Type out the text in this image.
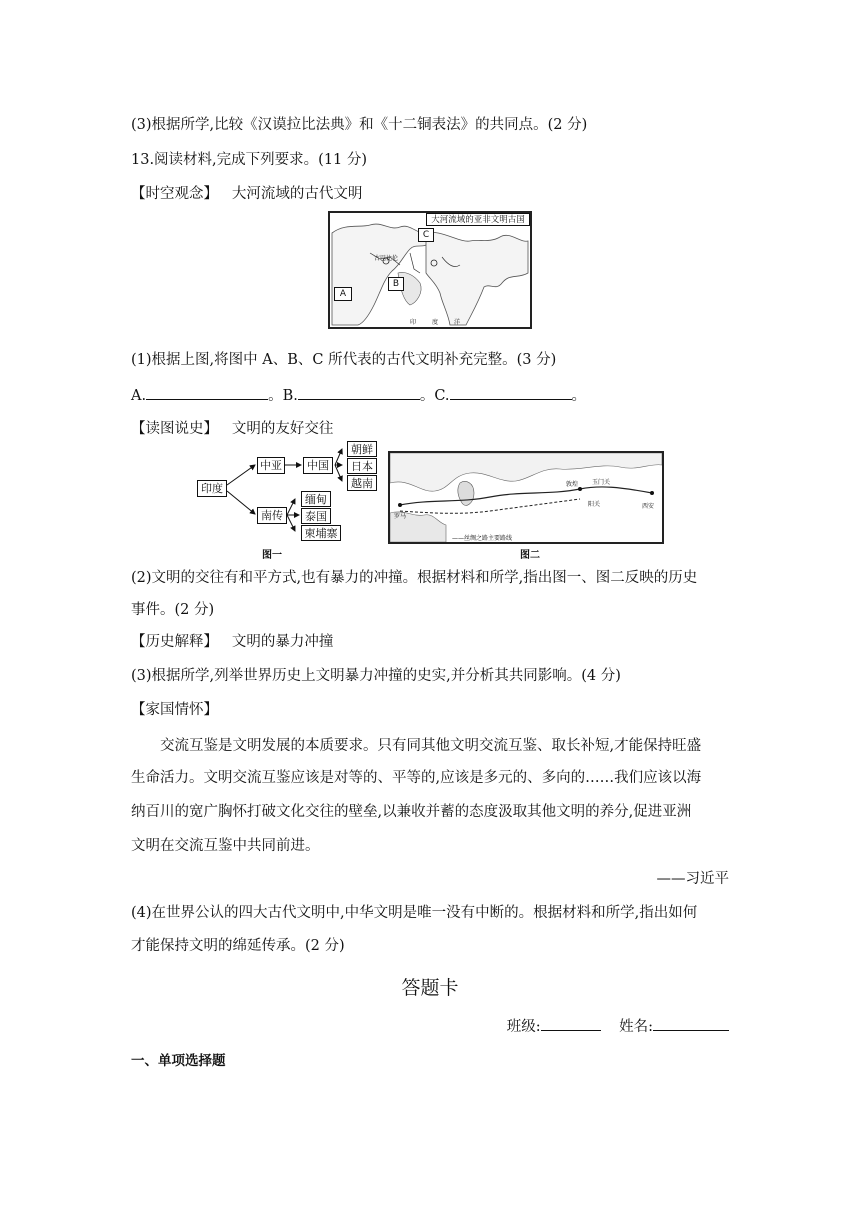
(3)根据所学,比较《汉谟拉比法典》和《十二铜表法》的共同点。(2 分)
13.阅读材料,完成下列要求。(11 分)
【时空观念】 大河流域的古代文明
大河流域的亚非文明古国
A
B
C
古巴比伦
印	度	洋
(1)根据上图,将图中 A、B、C 所代表的古代文明补充完整。(3 分)
A.	。B.	。C.	。
【读图说史】 文明的友好交往
印度
中亚
南传
中国
朝鲜
日本
越南
缅甸
泰国
柬埔寨
图一
敦煌 玉门关
西安
阳关
罗马
——丝绸之路主要路线
图二
(2)文明的交往有和平方式,也有暴力的冲撞。根据材料和所学,指出图一、图二反映的历史
事件。(2 分)
【历史解释】 文明的暴力冲撞
(3)根据所学,列举世界历史上文明暴力冲撞的史实,并分析其共同影响。(4 分)
【家国情怀】
交流互鉴是文明发展的本质要求。只有同其他文明交流互鉴、取长补短,才能保持旺盛
生命活力。文明交流互鉴应该是对等的、平等的,应该是多元的、多向的……我们应该以海
纳百川的宽广胸怀打破文化交往的壁垒,以兼收并蓄的态度汲取其他文明的养分,促进亚洲
文明在交流互鉴中共同前进。
——习近平
(4)在世界公认的四大古代文明中,中华文明是唯一没有中断的。根据材料和所学,指出如何
才能保持文明的绵延传承。(2 分)
答题卡
班级:	姓名:
一、单项选择题
